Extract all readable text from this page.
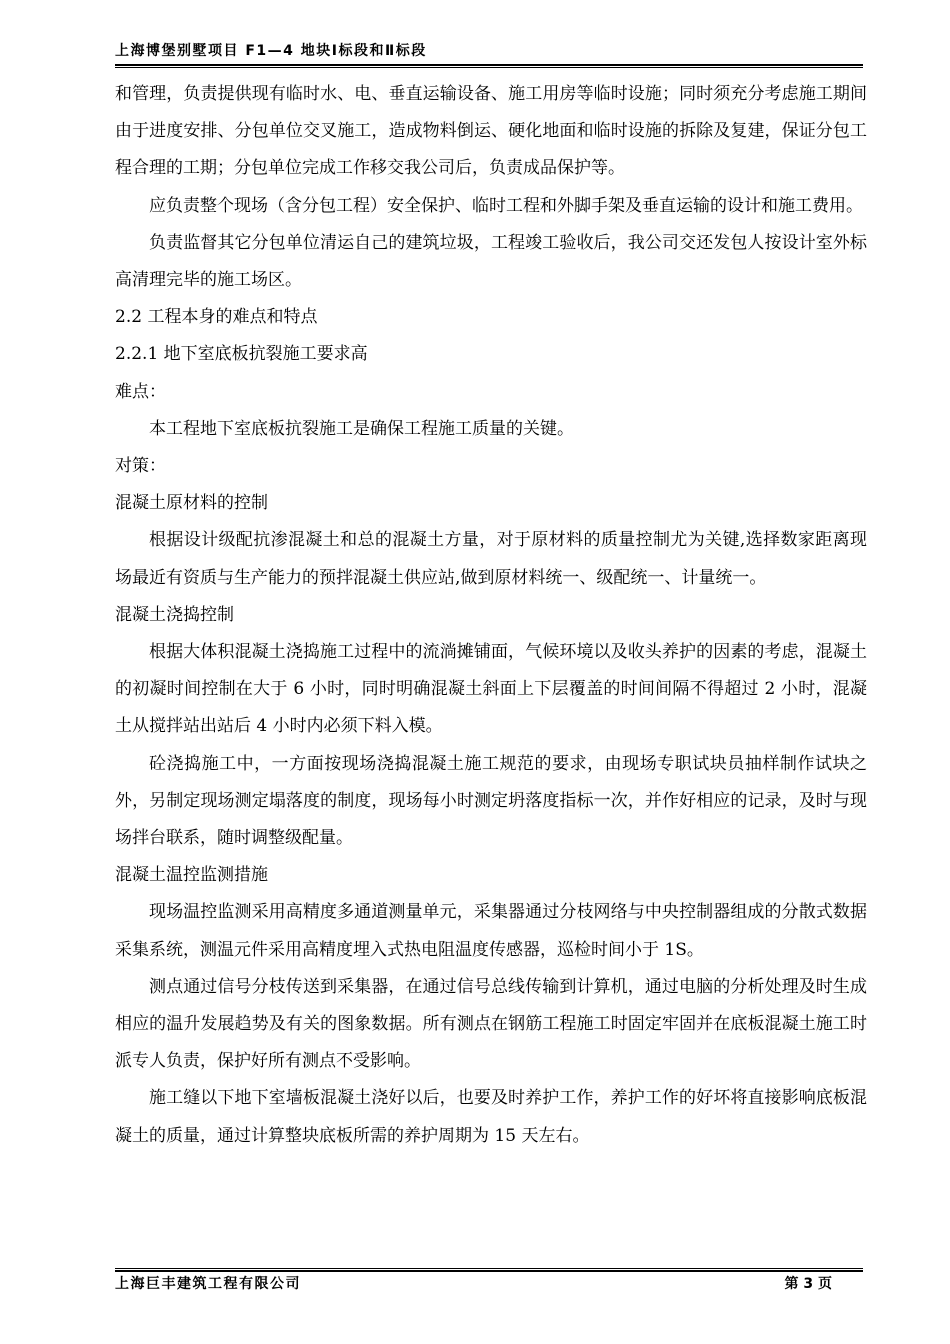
上海博堡别墅项目 F1—4 地块Ⅰ标段和Ⅱ标段

和管理，负责提供现有临时水、电、垂直运输设备、施工用房等临时设施；同时须充分考虑施工期间由于进度安排、分包单位交叉施工，造成物料倒运、硬化地面和临时设施的拆除及复建，保证分包工程合理的工期；分包单位完成工作移交我公司后，负责成品保护等。

应负责整个现场（含分包工程）安全保护、临时工程和外脚手架及垂直运输的设计和施工费用。

负责监督其它分包单位清运自己的建筑垃圾，工程竣工验收后，我公司交还发包人按设计室外标高清理完毕的施工场区。

2.2 工程本身的难点和特点

2.2.1 地下室底板抗裂施工要求高

难点：

本工程地下室底板抗裂施工是确保工程施工质量的关键。

对策：

混凝土原材料的控制

根据设计级配抗渗混凝土和总的混凝土方量，对于原材料的质量控制尤为关键,选择数家距离现场最近有资质与生产能力的预拌混凝土供应站,做到原材料统一、级配统一、计量统一。

混凝土浇捣控制

根据大体积混凝土浇捣施工过程中的流淌摊铺面，气候环境以及收头养护的因素的考虑，混凝土的初凝时间控制在大于 6 小时，同时明确混凝土斜面上下层覆盖的时间间隔不得超过 2 小时，混凝土从搅拌站出站后 4 小时内必须下料入模。

砼浇捣施工中，一方面按现场浇捣混凝土施工规范的要求，由现场专职试块员抽样制作试块之外，另制定现场测定塌落度的制度，现场每小时测定坍落度指标一次，并作好相应的记录，及时与现场拌台联系，随时调整级配量。

混凝土温控监测措施

现场温控监测采用高精度多通道测量单元，采集器通过分枝网络与中央控制器组成的分散式数据采集系统，测温元件采用高精度埋入式热电阻温度传感器，巡检时间小于 1S。

测点通过信号分枝传送到采集器，在通过信号总线传输到计算机，通过电脑的分析处理及时生成相应的温升发展趋势及有关的图象数据。所有测点在钢筋工程施工时固定牢固并在底板混凝土施工时派专人负责，保护好所有测点不受影响。

施工缝以下地下室墙板混凝土浇好以后，也要及时养护工作，养护工作的好坏将直接影响底板混凝土的质量，通过计算整块底板所需的养护周期为 15 天左右。

上海巨丰建筑工程有限公司	第 3 页
